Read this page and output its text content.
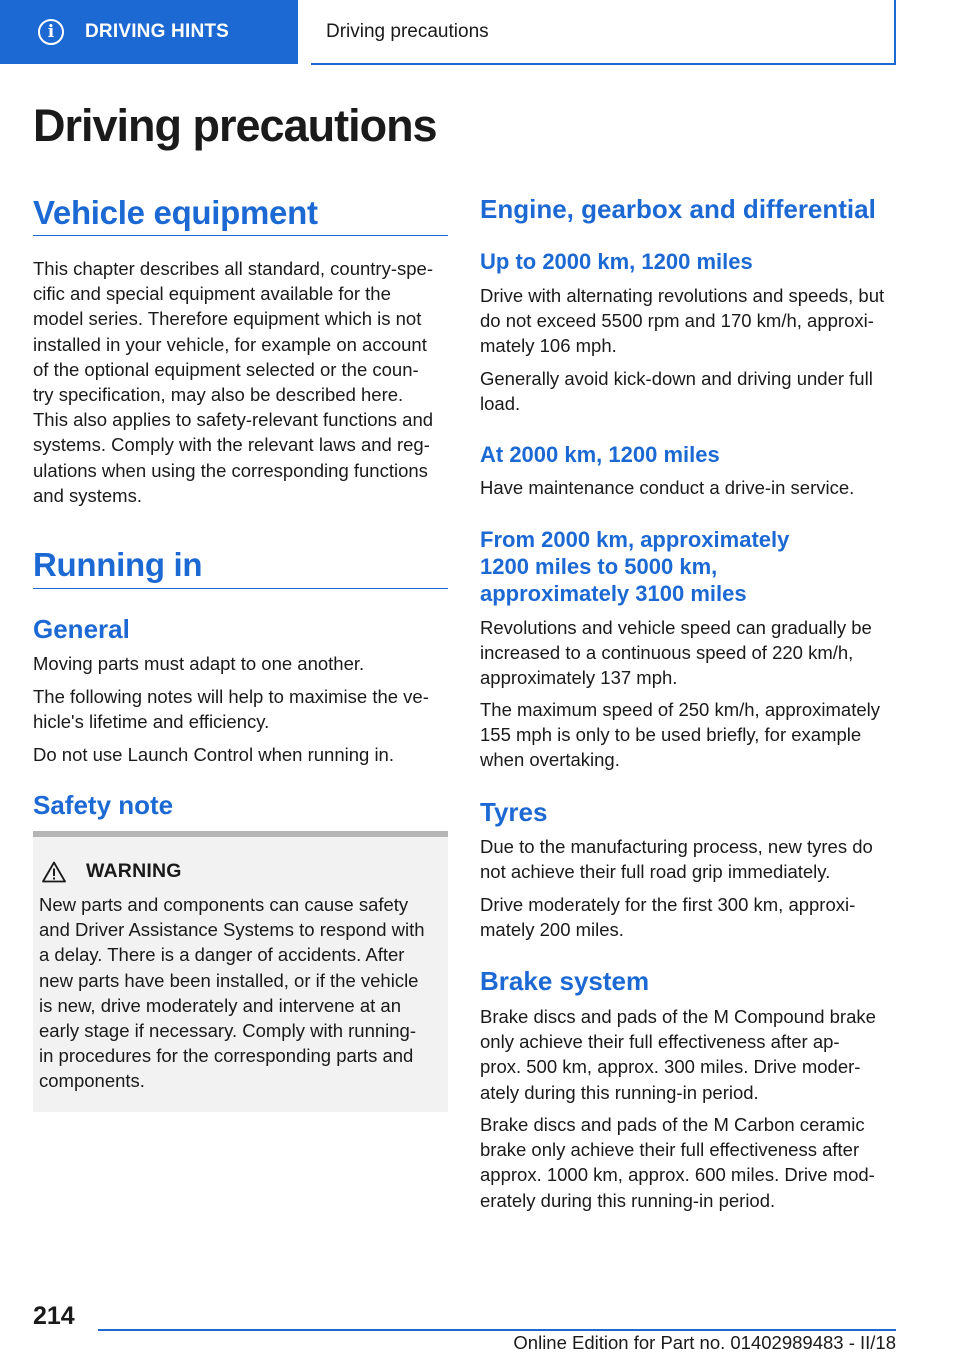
i	DRIVING HINTS	Driving precautions
Driving precautions
Vehicle equipment
This chapter describes all standard, country-spe‐
cific and special equipment available for the
model series. Therefore equipment which is not
installed in your vehicle, for example on account
of the optional equipment selected or the coun‐
try specification, may also be described here.
This also applies to safety-relevant functions and
systems. Comply with the relevant laws and reg‐
ulations when using the corresponding functions
and systems.
Running in
General
Moving parts must adapt to one another.
The following notes will help to maximise the ve‐
hicle's lifetime and efficiency.
Do not use Launch Control when running in.
Safety note
WARNING
New parts and components can cause safety
and Driver Assistance Systems to respond with
a delay. There is a danger of accidents. After
new parts have been installed, or if the vehicle
is new, drive moderately and intervene at an
early stage if necessary. Comply with running-
in procedures for the corresponding parts and
components.
Engine, gearbox and differential
Up to 2000 km, 1200 miles
Drive with alternating revolutions and speeds, but
do not exceed 5500 rpm and 170 km/h, approxi‐
mately 106 mph.
Generally avoid kick-down and driving under full
load.
At 2000 km, 1200 miles
Have maintenance conduct a drive-in service.
From 2000 km, approximately
1200 miles to 5000 km,
approximately 3100 miles
Revolutions and vehicle speed can gradually be
increased to a continuous speed of 220 km/h,
approximately 137 mph.
The maximum speed of 250 km/h, approximately
155 mph is only to be used briefly, for example
when overtaking.
Tyres
Due to the manufacturing process, new tyres do
not achieve their full road grip immediately.
Drive moderately for the first 300 km, approxi‐
mately 200 miles.
Brake system
Brake discs and pads of the M Compound brake
only achieve their full effectiveness after ap‐
prox. 500 km, approx. 300 miles. Drive moder‐
ately during this running-in period.
Brake discs and pads of the M Carbon ceramic
brake only achieve their full effectiveness after
approx. 1000 km, approx. 600 miles. Drive mod‐
erately during this running-in period.
214
Online Edition for Part no. 01402989483 - II/18
